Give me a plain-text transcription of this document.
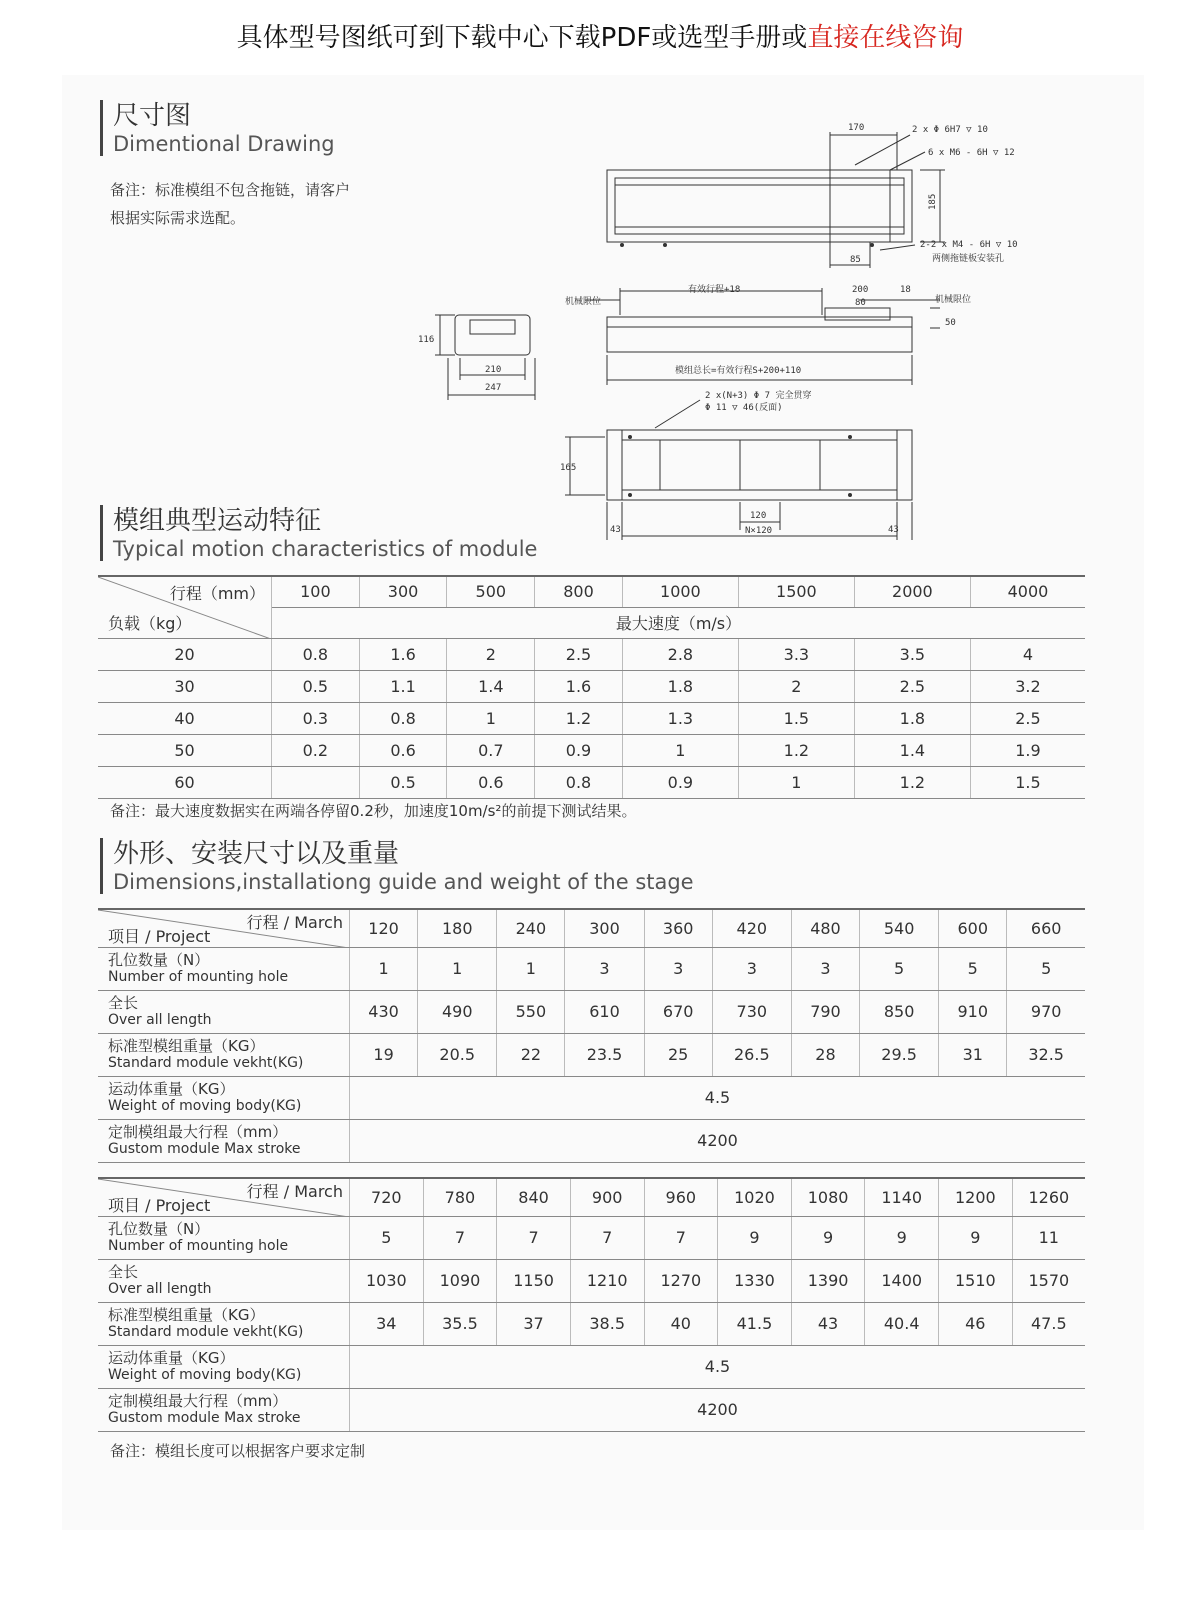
具体型号图纸可到下载中心下载PDF或选型手册或 直接在线咨询
尺寸图
Dimentional Drawing
备注：标准模组不包含拖链，请客户
根据实际需求选配。
170	2 x Φ 6H7 ▽ 10
6 x M6 - 6H ▽ 12
185
85
2-2 x M4 - 6H ▽ 10
两侧拖链板安装孔
机械限位
有效行程+18	200
80
18
机械限位
50
模组总长=有效行程S+200+110
116
210
247
2 x(N+3) Φ 7 完全贯穿
Φ 11 ▽ 46(反面)
165
43
120
N×120	43
模组典型运动特征
Typical motion characteristics of module
行程（mm）
负载（kg）	100	300	500	800	1000	1500	2000	4000
	最大速度（m/s）							
20	0.8	1.6	2	2.5	2.8	3.3	3.5	4
30	0.5	1.1	1.4	1.6	1.8	2	2.5	3.2
40	0.3	0.8	1	1.2	1.3	1.5	1.8	2.5
50	0.2	0.6	0.7	0.9	1	1.2	1.4	1.9
60		0.5	0.6	0.8	0.9	1	1.2	1.5
备注：最大速度数据实在两端各停留0.2秒，加速度10m/s²的前提下测试结果。
外形、安装尺寸以及重量
Dimensions,installationg guide and weight of the stage
行程 / March
项目 / Project	120	180	240	300	360	420	480	540	600	660

孔位数量（N）
Number of mounting hole	1	1	1	3	3	3	3	5	5	5

全长
Over all length	430	490	550	610	670	730	790	850	910	970

标准型模组重量（KG）
Standard module vekht(KG)	19	20.5	22	23.5	25	26.5	28	29.5	31	32.5

运动体重量（KG）
Weight of moving body(KG)	4.5									

定制模组最大行程（mm）
Gustom module Max stroke	4200									
行程 / March
项目 / Project	720	780	840	900	960	1020	1080	1140	1200	1260

孔位数量（N）
Number of mounting hole	5	7	7	7	7	9	9	9	9	11

全长
Over all length	1030	1090	1150	1210	1270	1330	1390	1400	1510	1570

标准型模组重量（KG）
Standard module vekht(KG)	34	35.5	37	38.5	40	41.5	43	40.4	46	47.5

运动体重量（KG）
Weight of moving body(KG)	4.5									

定制模组最大行程（mm）
Gustom module Max stroke	4200									
备注：模组长度可以根据客户要求定制
